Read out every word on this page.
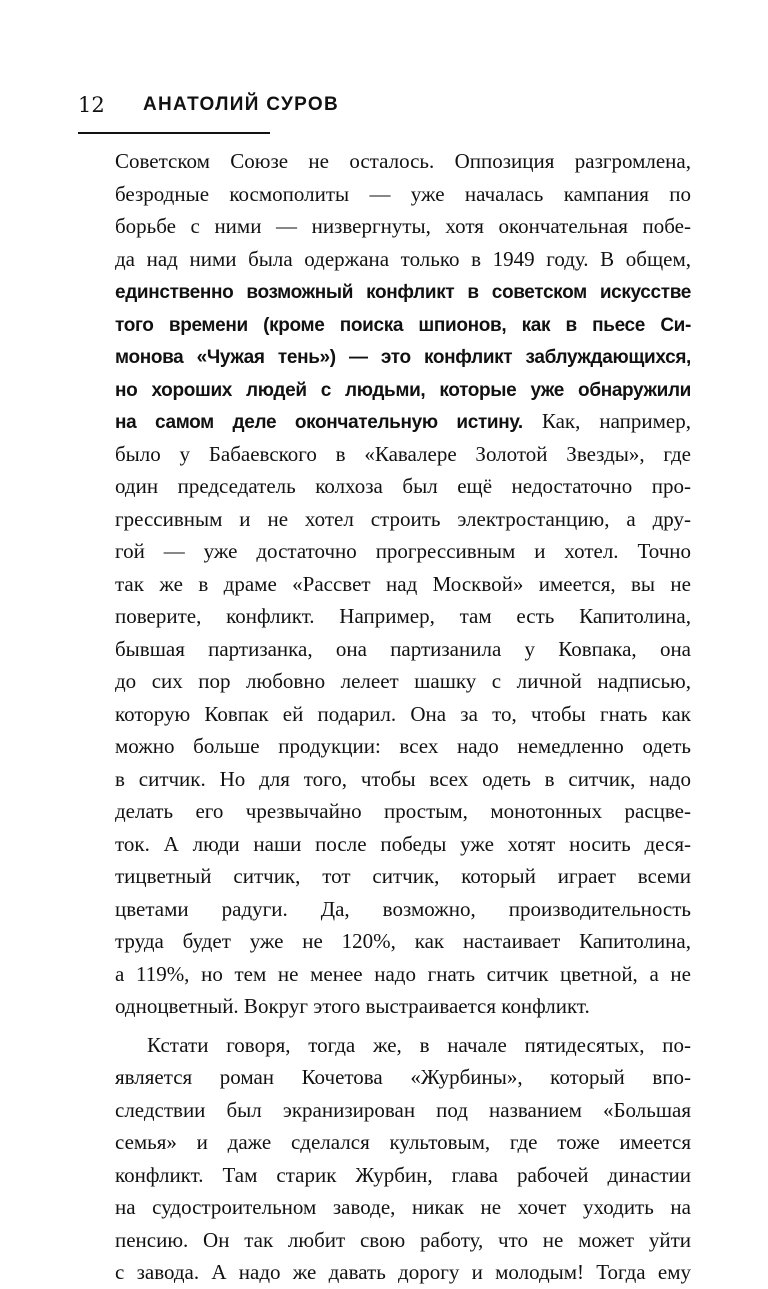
12 АНАТОЛИЙ СУРОВ
Советском Союзе не осталось. Оппозиция разгромлена,
безродные космополиты — уже началась кампания по
борьбе с ними — низвергнуты, хотя окончательная побе-
да над ними была одержана только в 1949 году. В общем,
единственно возможный конфликт в советском искусстве
того времени (кроме поиска шпионов, как в пьесе Си-
монова «Чужая тень») — это конфликт заблуждающихся,
но хороших людей с людьми, которые уже обнаружили
на самом деле окончательную истину. Как, например,
было у Бабаевского в «Кавалере Золотой Звезды», где
один председатель колхоза был ещё недостаточно про-
грессивным и не хотел строить электростанцию, а дру-
гой — уже достаточно прогрессивным и хотел. Точно
так же в драме «Рассвет над Москвой» имеется, вы не
поверите, конфликт. Например, там есть Капитолина,
бывшая партизанка, она партизанила у Ковпака, она
до сих пор любовно лелеет шашку с личной надписью,
которую Ковпак ей подарил. Она за то, чтобы гнать как
можно больше продукции: всех надо немедленно одеть
в ситчик. Но для того, чтобы всех одеть в ситчик, надо
делать его чрезвычайно простым, монотонных расцве-
ток. А люди наши после победы уже хотят носить деся-
тицветный ситчик, тот ситчик, который играет всеми
цветами радуги. Да, возможно, производительность
труда будет уже не 120%, как настаивает Капитолина,
а 119%, но тем не менее надо гнать ситчик цветной, а не
одноцветный. Вокруг этого выстраивается конфликт.
Кстати говоря, тогда же, в начале пятидесятых, по-
является роман Кочетова «Журбины», который впо-
следствии был экранизирован под названием «Большая
семья» и даже сделался культовым, где тоже имеется
конфликт. Там старик Журбин, глава рабочей династии
на судостроительном заводе, никак не хочет уходить на
пенсию. Он так любит свою работу, что не может уйти
с завода. А надо же давать дорогу и молодым! Тогда ему
